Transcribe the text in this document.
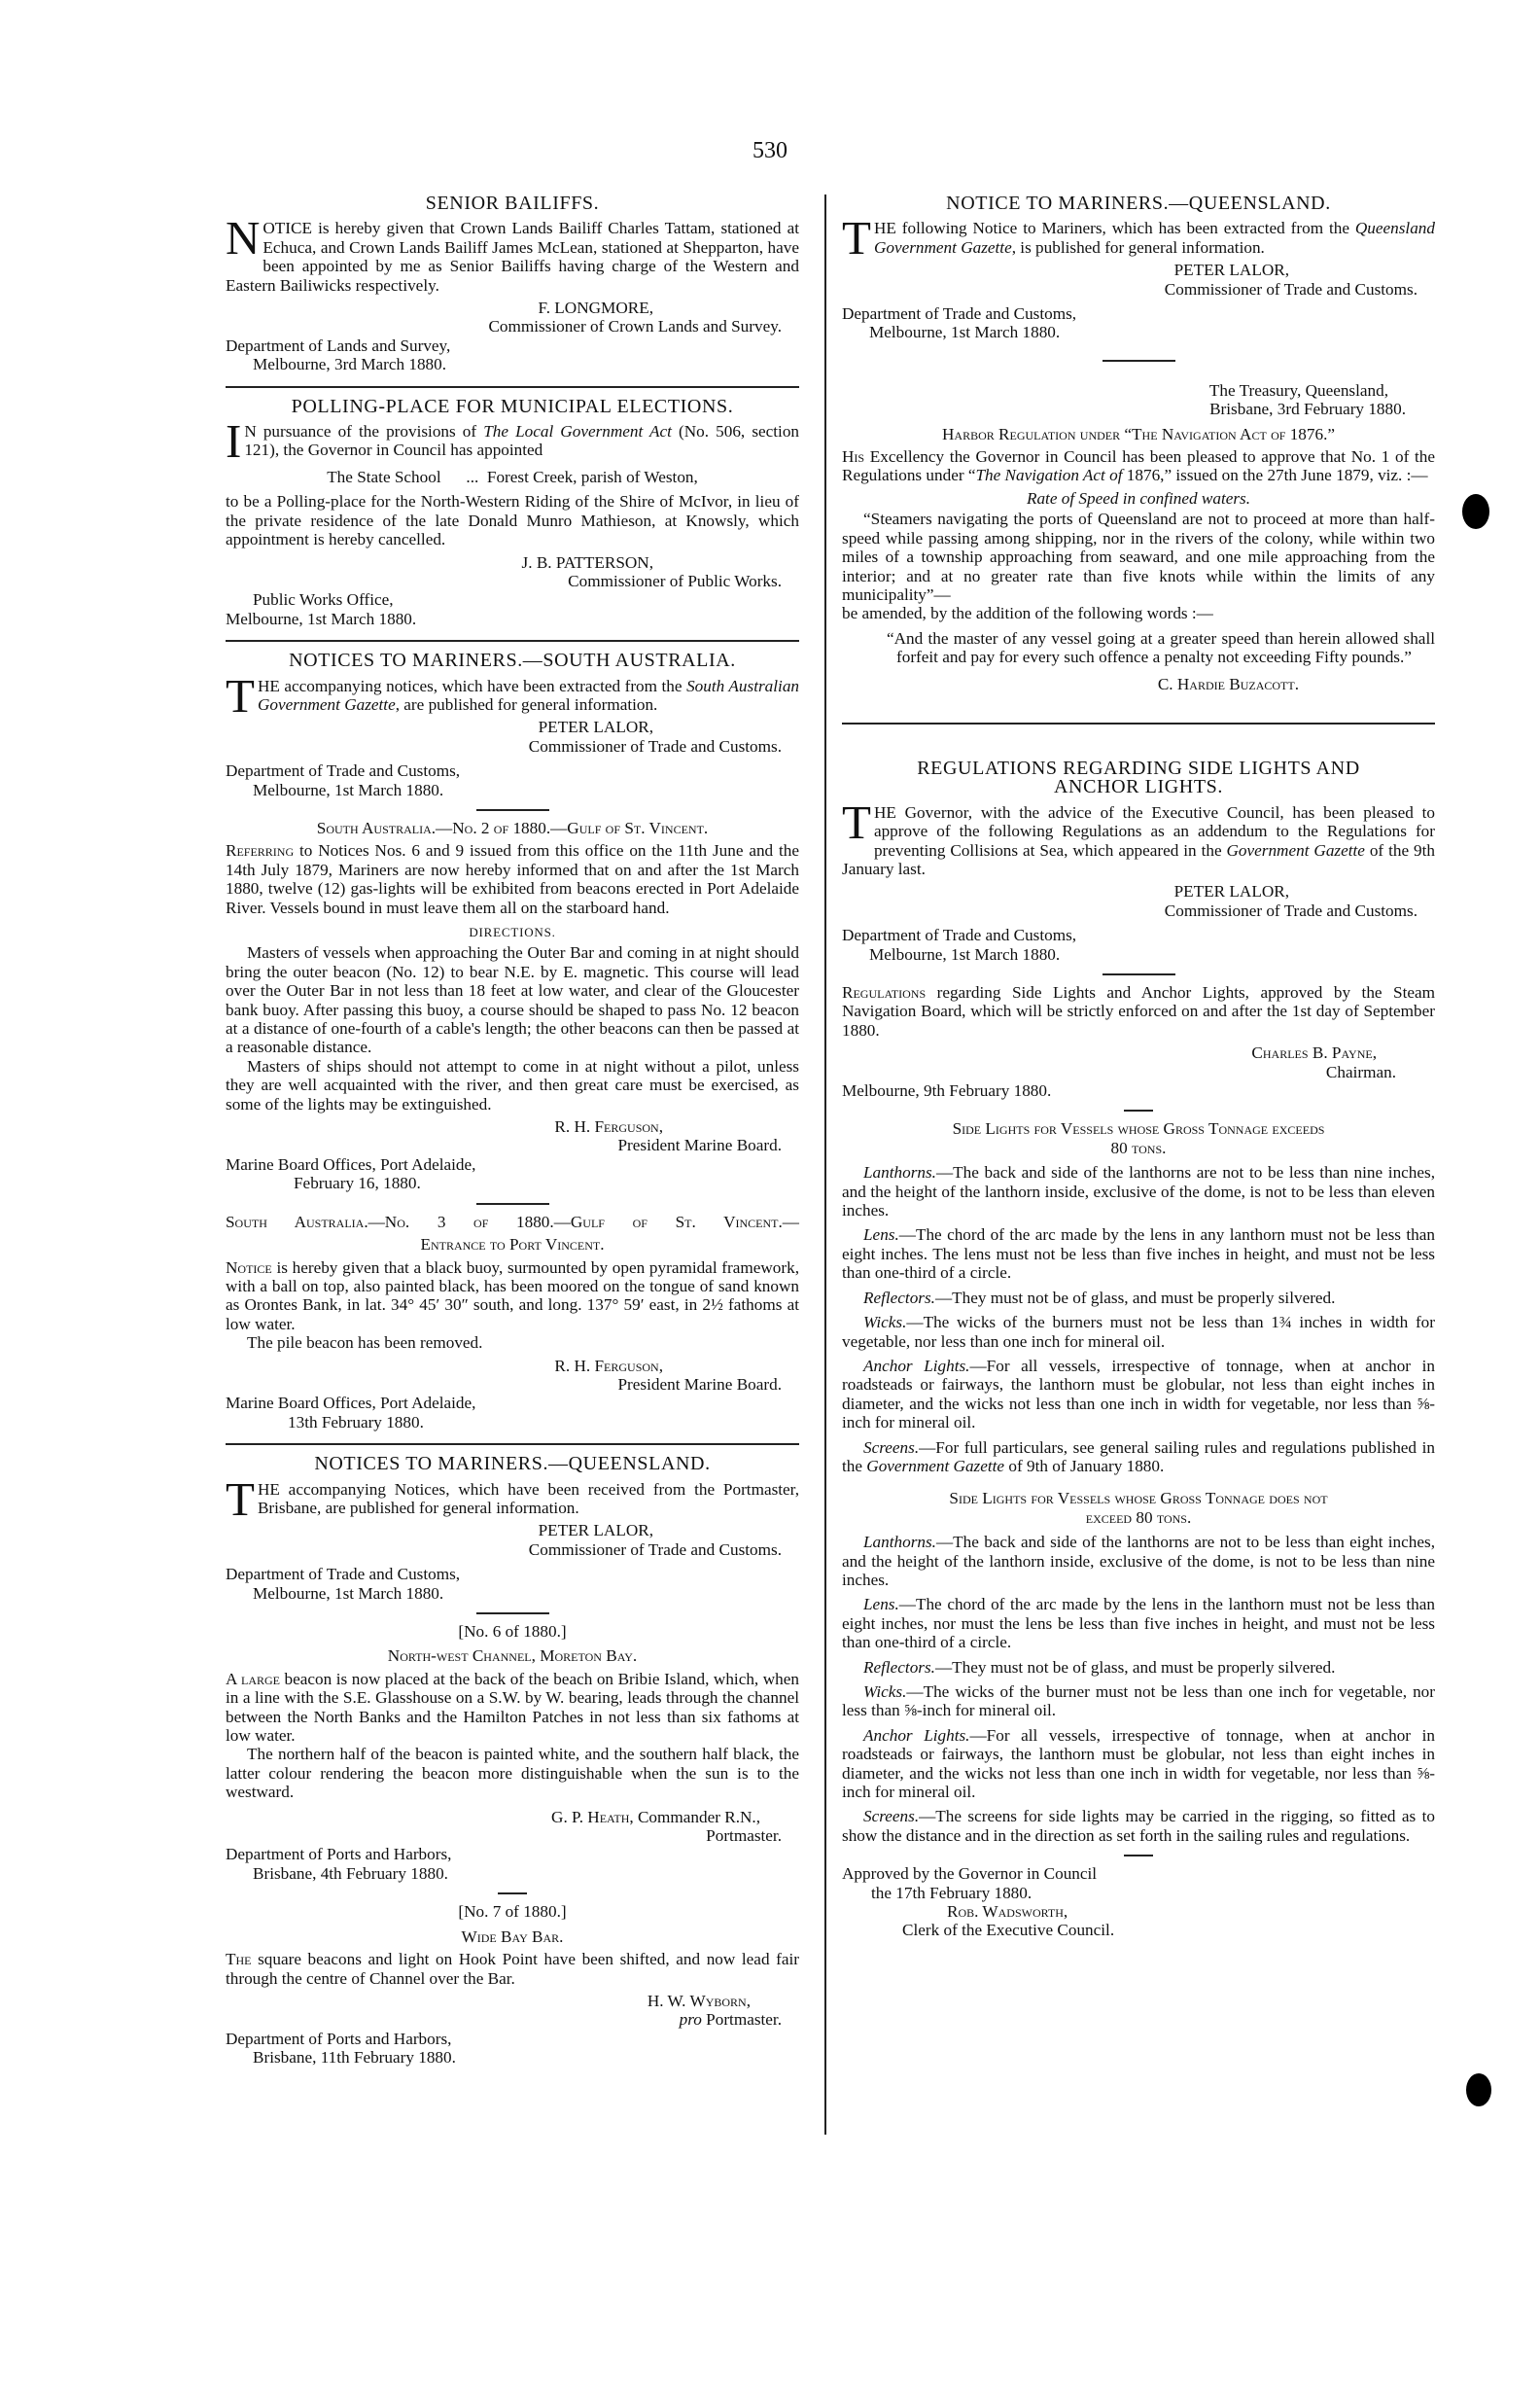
530
SENIOR BAILIFFS.

NOTICE is hereby given that Crown Lands Bailiff Charles Tattam, stationed at Echuca, and Crown Lands Bailiff James McLean, stationed at Shepparton, have been appointed by me as Senior Bailiffs having charge of the Western and Eastern Bailiwicks respectively.

F. LONGMORE,
Commissioner of Crown Lands and Survey.
Department of Lands and Survey,
Melbourne, 3rd March 1880.
POLLING-PLACE FOR MUNICIPAL ELECTIONS.

IN pursuance of the provisions of The Local Government Act (No. 506, section 121), the Governor in Council has appointed

The State School      ...  Forest Creek, parish of Weston,

to be a Polling-place for the North-Western Riding of the Shire of McIvor, in lieu of the private residence of the late Donald Munro Mathieson, at Knowsly, which appointment is hereby cancelled.

J. B. PATTERSON,
Commissioner of Public Works.
Public Works Office,
Melbourne, 1st March 1880.
NOTICES TO MARINERS.—SOUTH AUSTRALIA.

THE accompanying notices, which have been extracted from the South Australian Government Gazette, are published for general information.

PETER LALOR,
Commissioner of Trade and Customs.
Department of Trade and Customs,
Melbourne, 1st March 1880.
South Australia.—No. 2 of 1880.—Gulf of St. Vincent.

Referring to Notices Nos. 6 and 9 issued from this office on the 11th June and the 14th July 1879, Mariners are now hereby informed that on and after the 1st March 1880, twelve (12) gas-lights will be exhibited from beacons erected in Port Adelaide River. Vessels bound in must leave them all on the starboard hand.

DIRECTIONS.

Masters of vessels when approaching the Outer Bar and coming in at night should bring the outer beacon (No. 12) to bear N.E. by E. magnetic. This course will lead over the Outer Bar in not less than 18 feet at low water, and clear of the Gloucester bank buoy. After passing this buoy, a course should be shaped to pass No. 12 beacon at a distance of one-fourth of a cable's length; the other beacons can then be passed at a reasonable distance.

Masters of ships should not attempt to come in at night without a pilot, unless they are well acquainted with the river, and then great care must be exercised, as some of the lights may be extinguished.

R. H. Ferguson,
President Marine Board.
Marine Board Offices, Port Adelaide,
February 16, 1880.
South Australia.—No. 3 of 1880.—Gulf of St. Vincent.—
Entrance to Port Vincent.

Notice is hereby given that a black buoy, surmounted by open pyramidal framework, with a ball on top, also painted black, has been moored on the tongue of sand known as Orontes Bank, in lat. 34° 45′ 30″ south, and long. 137° 59′ east, in 2½ fathoms at low water.

The pile beacon has been removed.

R. H. Ferguson,
President Marine Board.
Marine Board Offices, Port Adelaide,
13th February 1880.
NOTICES TO MARINERS.—QUEENSLAND.

THE accompanying Notices, which have been received from the Portmaster, Brisbane, are published for general information.

PETER LALOR,
Commissioner of Trade and Customs.
Department of Trade and Customs,
Melbourne, 1st March 1880.
[No. 6 of 1880.]
North-west Channel, Moreton Bay.

A large beacon is now placed at the back of the beach on Bribie Island, which, when in a line with the S.E. Glasshouse on a S.W. by W. bearing, leads through the channel between the North Banks and the Hamilton Patches in not less than six fathoms at low water.

The northern half of the beacon is painted white, and the southern half black, the latter colour rendering the beacon more distinguishable when the sun is to the westward.

G. P. Heath, Commander R.N.,
Portmaster.
Department of Ports and Harbors,
Brisbane, 4th February 1880.
[No. 7 of 1880.]
Wide Bay Bar.

The square beacons and light on Hook Point have been shifted, and now lead fair through the centre of Channel over the Bar.

H. W. Wyborn,
pro Portmaster.
Department of Ports and Harbors,
Brisbane, 11th February 1880.
NOTICE TO MARINERS.—QUEENSLAND.

THE following Notice to Mariners, which has been extracted from the Queensland Government Gazette, is published for general information.

PETER LALOR,
Commissioner of Trade and Customs.
Department of Trade and Customs,
Melbourne, 1st March 1880.
The Treasury, Queensland,
Brisbane, 3rd February 1880.
Harbor Regulation under “The Navigation Act of 1876.”

His Excellency the Governor in Council has been pleased to approve that No. 1 of the Regulations under “The Navigation Act of 1876,” issued on the 27th June 1879, viz. :—

Rate of Speed in confined waters.

“Steamers navigating the ports of Queensland are not to proceed at more than half-speed while passing among shipping, nor in the rivers of the colony, while within two miles of a township approaching from seaward, and one mile approaching from the interior; and at no greater rate than five knots while within the limits of any municipality”—

be amended, by the addition of the following words :—

“And the master of any vessel going at a greater speed than herein allowed shall forfeit and pay for every such offence a penalty not exceeding Fifty pounds.”

C. Hardie Buzacott.
REGULATIONS REGARDING SIDE LIGHTS AND
ANCHOR LIGHTS.

THE Governor, with the advice of the Executive Council, has been pleased to approve of the following Regulations as an addendum to the Regulations for preventing Collisions at Sea, which appeared in the Government Gazette of the 9th January last.

PETER LALOR,
Commissioner of Trade and Customs.
Department of Trade and Customs,
Melbourne, 1st March 1880.

Regulations regarding Side Lights and Anchor Lights, approved by the Steam Navigation Board, which will be strictly enforced on and after the 1st day of September 1880.

Charles B. Payne,
Chairman.
Melbourne, 9th February 1880.
Side Lights for Vessels whose Gross Tonnage exceeds
80 tons.

Lanthorns.—The back and side of the lanthorns are not to be less than nine inches, and the height of the lanthorn inside, exclusive of the dome, is not to be less than eleven inches.

Lens.—The chord of the arc made by the lens in any lanthorn must not be less than eight inches. The lens must not be less than five inches in height, and must not be less than one-third of a circle.

Reflectors.—They must not be of glass, and must be properly silvered.

Wicks.—The wicks of the burners must not be less than 1¾ inches in width for vegetable, nor less than one inch for mineral oil.

Anchor Lights.—For all vessels, irrespective of tonnage, when at anchor in roadsteads or fairways, the lanthorn must be globular, not less than eight inches in diameter, and the wicks not less than one inch in width for vegetable, nor less than ⅝-inch for mineral oil.

Screens.—For full particulars, see general sailing rules and regulations published in the Government Gazette of 9th of January 1880.

Side Lights for Vessels whose Gross Tonnage does not
exceed 80 tons.

Lanthorns.—The back and side of the lanthorns are not to be less than eight inches, and the height of the lanthorn inside, exclusive of the dome, is not to be less than nine inches.

Lens.—The chord of the arc made by the lens in the lanthorn must not be less than eight inches, nor must the lens be less than five inches in height, and must not be less than one-third of a circle.

Reflectors.—They must not be of glass, and must be properly silvered.

Wicks.—The wicks of the burner must not be less than one inch for vegetable, nor less than ⅝-inch for mineral oil.

Anchor Lights.—For all vessels, irrespective of tonnage, when at anchor in roadsteads or fairways, the lanthorn must be globular, not less than eight inches in diameter, and the wicks not less than one inch in width for vegetable, nor less than ⅝-inch for mineral oil.

Screens.—The screens for side lights may be carried in the rigging, so fitted as to show the distance and in the direction as set forth in the sailing rules and regulations.

Approved by the Governor in Council
the 17th February 1880.
Rob. Wadsworth,
Clerk of the Executive Council.
